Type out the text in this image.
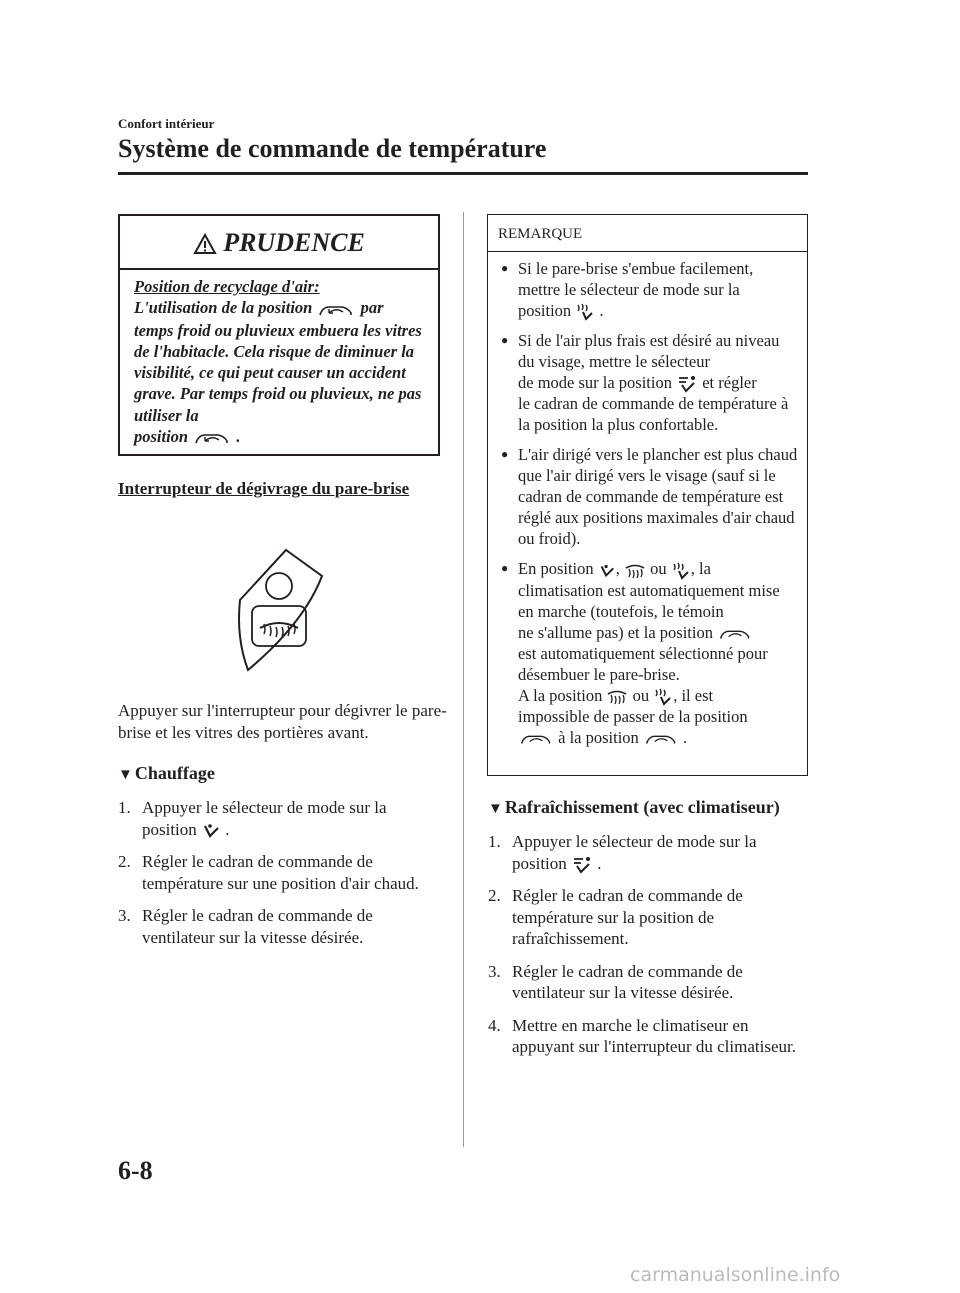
Confort intérieur
Système de commande de température
PRUDENCE
Position de recyclage d'air:
L'utilisation de la position	par
temps froid ou pluvieux embuera les vitres de l'habitacle. Cela risque de diminuer la visibilité, ce qui peut causer un accident grave. Par temps froid ou pluvieux, ne pas utiliser la
position	.
Interrupteur de dégivrage du pare-brise
Appuyer sur l'interrupteur pour dégivrer le pare-brise et les vitres des portières avant.
▼ Chauffage
1. Appuyer le sélecteur de mode sur la
position .
2. Régler le cadran de commande de température sur une position d'air chaud.
3. Régler le cadran de commande de ventilateur sur la vitesse désirée.
REMARQUE
● Si le pare-brise s'embue facilement, mettre le sélecteur de mode sur la
position .
● Si de l'air plus frais est désiré au niveau du visage, mettre le sélecteur
de mode sur la position et régler
le cadran de commande de température à la position la plus confortable.
● L'air dirigé vers le plancher est plus chaud que l'air dirigé vers le visage (sauf si le cadran de commande de température est réglé aux positions maximales d'air chaud ou froid).
● En position , ou , la
climatisation est automatiquement mise en marche (toutefois, le témoin
ne s'allume pas) et la position
est automatiquement sélectionné pour désembuer le pare-brise.
A la position ou , il est
impossible de passer de la position
à la position	.
▼ Rafraîchissement (avec climatiseur)
1. Appuyer le sélecteur de mode sur la
position .
2. Régler le cadran de commande de température sur la position de rafraîchissement.
3. Régler le cadran de commande de ventilateur sur la vitesse désirée.
4. Mettre en marche le climatiseur en appuyant sur l'interrupteur du climatiseur.
6-8
carmanualsonline.info
